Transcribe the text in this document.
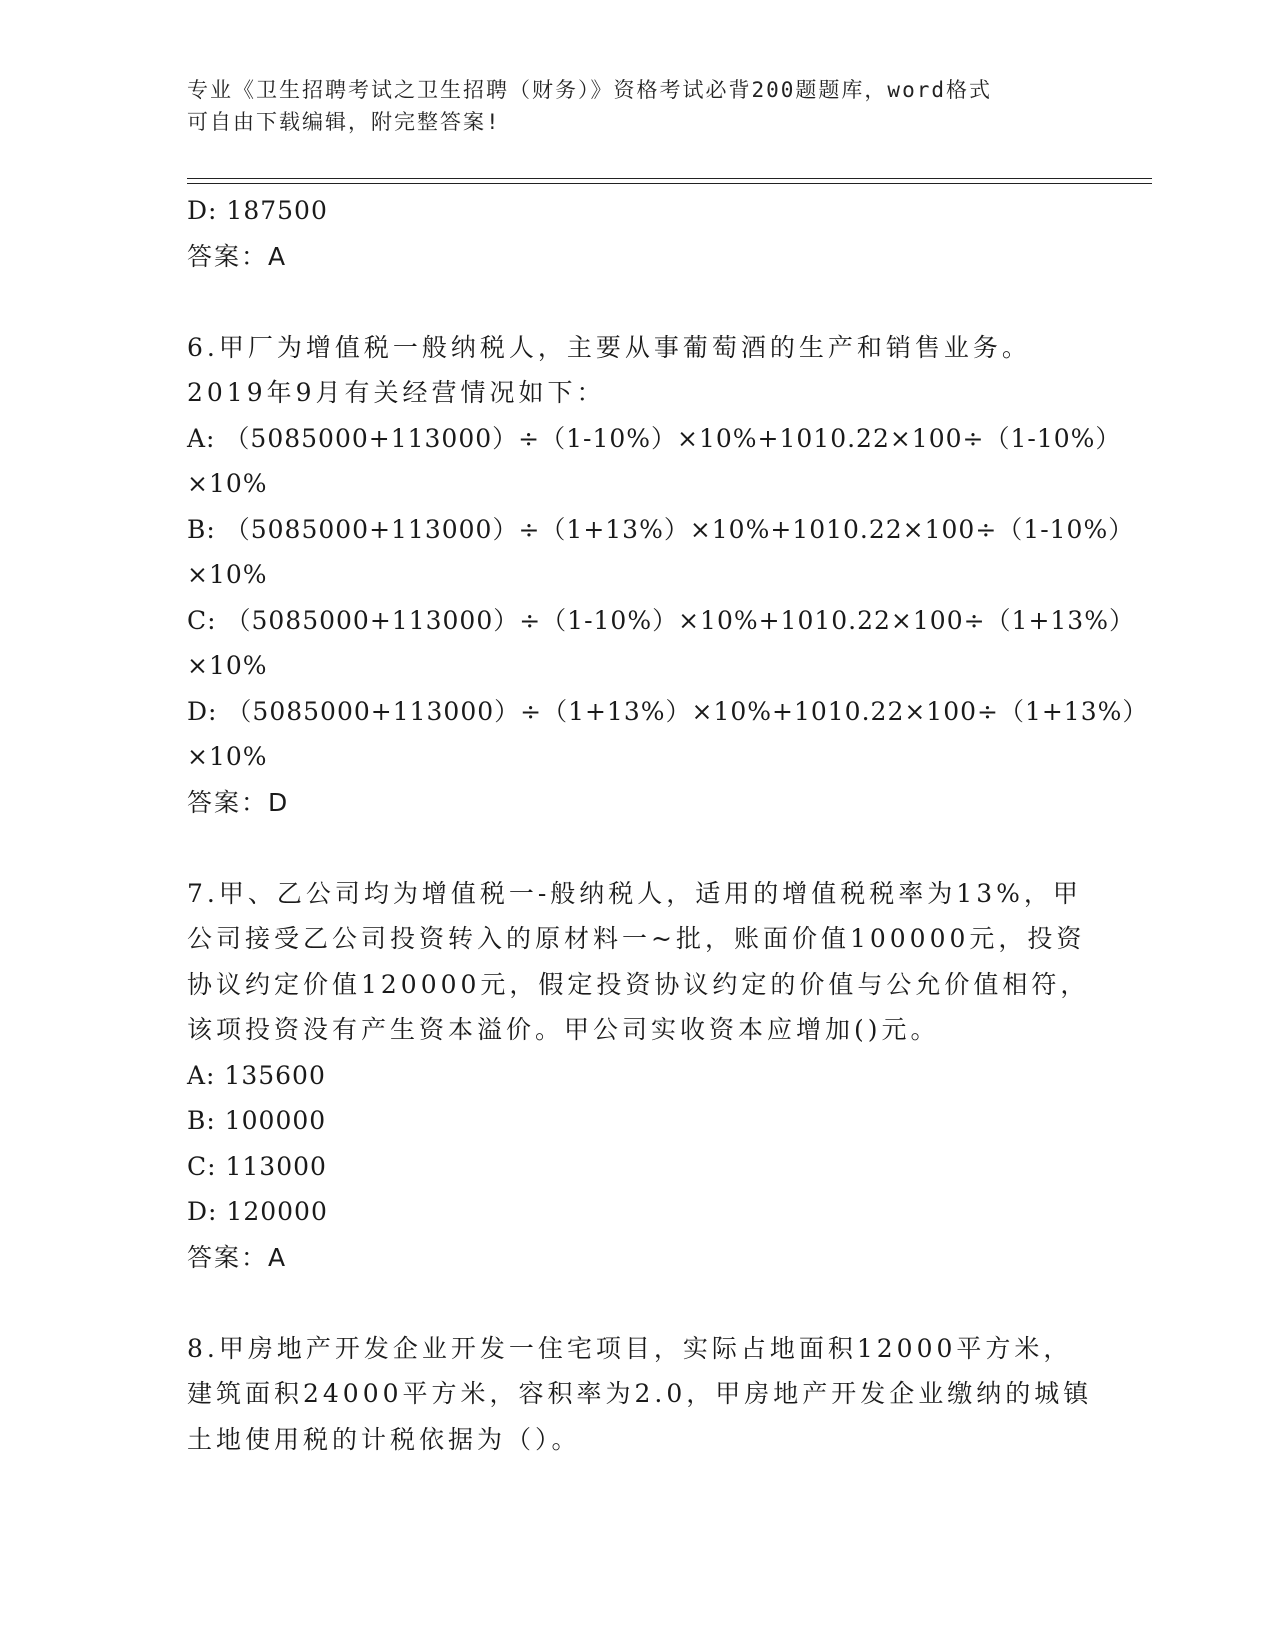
专业《卫生招聘考试之卫生招聘（财务）》资格考试必背200题题库，word格式
可自由下载编辑，附完整答案!
D: 187500
答案：A
6.甲厂为增值税一般纳税人，主要从事葡萄酒的生产和销售业务。
2019年9月有关经营情况如下：
A: （5085000+113000）÷（1-10%）×10%+1010.22×100÷（1-10%）
×10%
B: （5085000+113000）÷（1+13%）×10%+1010.22×100÷（1-10%）
×10%
C: （5085000+113000）÷（1-10%）×10%+1010.22×100÷（1+13%）
×10%
D: （5085000+113000）÷（1+13%）×10%+1010.22×100÷（1+13%）
×10%
答案：D
7.甲、乙公司均为增值税一-般纳税人，适用的增值税税率为13%，甲
公司接受乙公司投资转入的原材料一~批，账面价值100000元，投资
协议约定价值120000元，假定投资协议约定的价值与公允价值相符，
该项投资没有产生资本溢价。甲公司实收资本应增加()元。
A: 135600
B: 100000
C: 113000
D: 120000
答案：A
8.甲房地产开发企业开发一住宅项目，实际占地面积12000平方米，
建筑面积24000平方米，容积率为2.0，甲房地产开发企业缴纳的城镇
土地使用税的计税依据为（）。
